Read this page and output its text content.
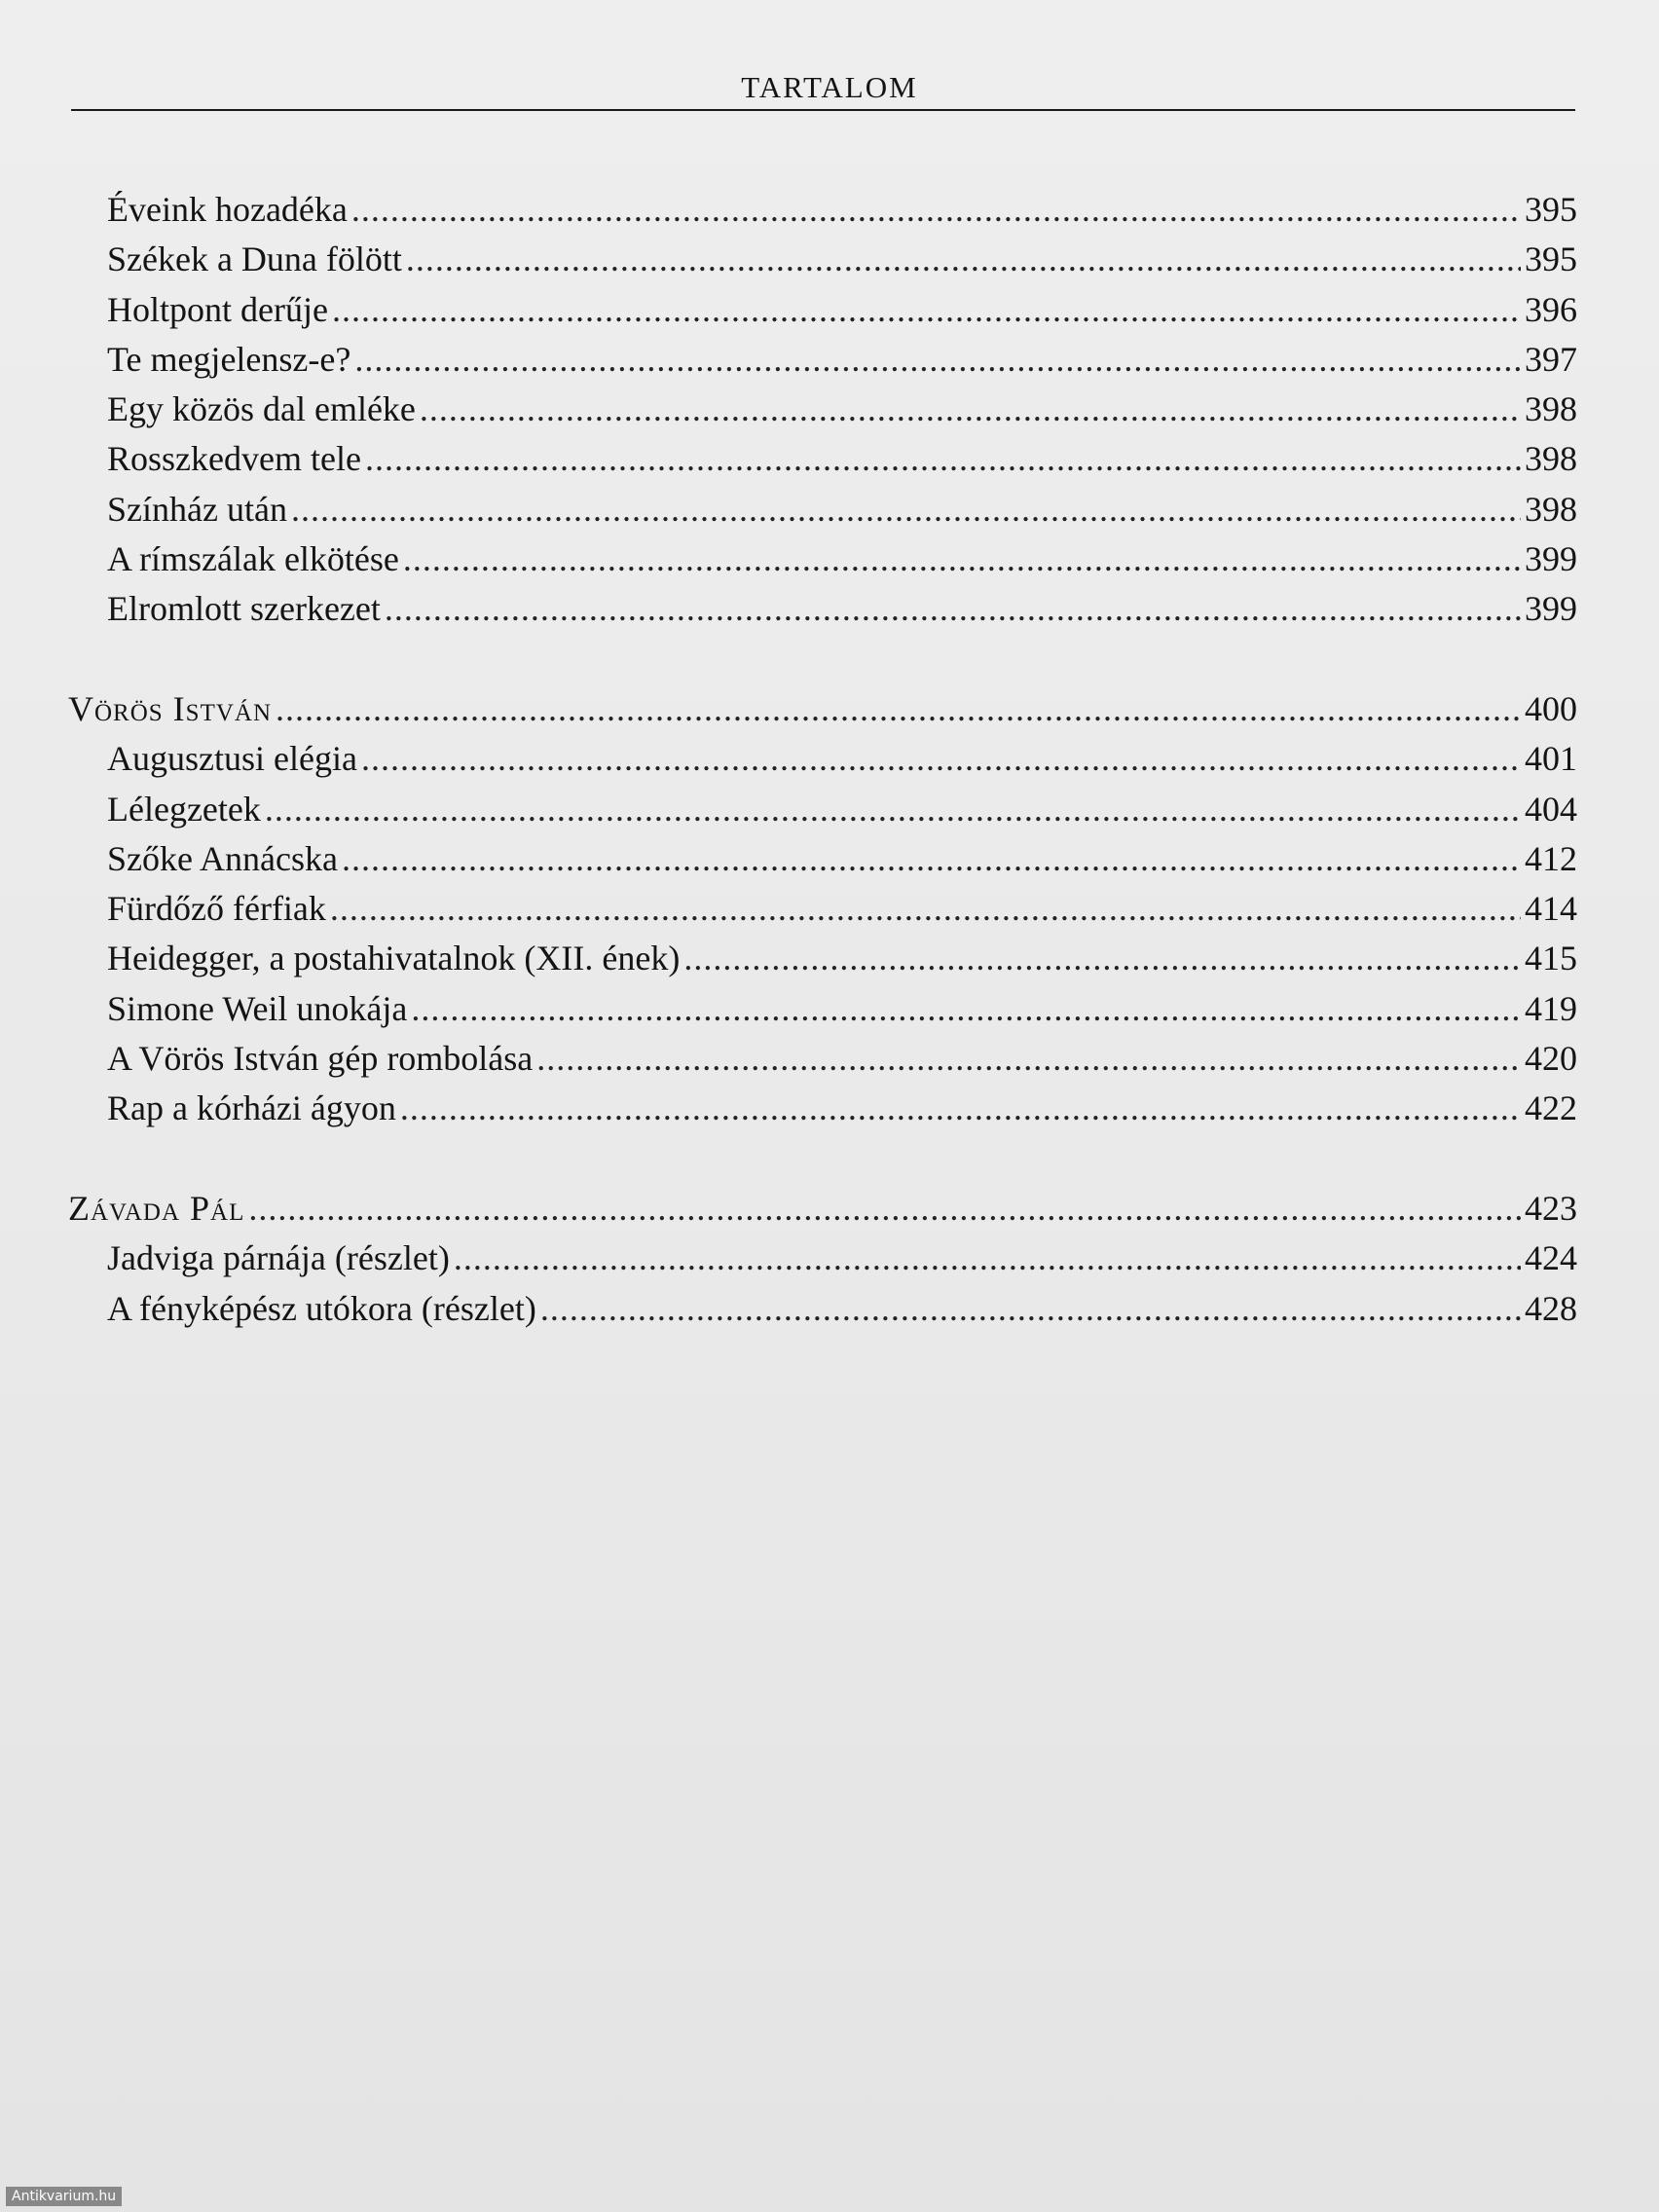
TARTALOM
Éveink hozadéka .....	395
Székek a Duna fölött .....	395
Holtpont derűje .....	396
Te megjelensz-e? .....	397
Egy közös dal emléke .....	398
Rosszkedvem tele .....	398
Színház után .....	398
A rímszálak elkötése .....	399
Elromlott szerkezet .....	399
Vörös István .....	400
Augusztusi elégia .....	401
Lélegzetek .....	404
Szőke Annácska .....	412
Fürdőző férfiak .....	414
Heidegger, a postahivatalnok (XII. ének) .....	415
Simone Weil unokája .....	419
A Vörös István gép rombolása .....	420
Rap a kórházi ágyon .....	422
Závada Pál .....	423
Jadviga párnája (részlet) .....	424
A fényképész utókora (részlet) .....	428
Antikvarium.hu
